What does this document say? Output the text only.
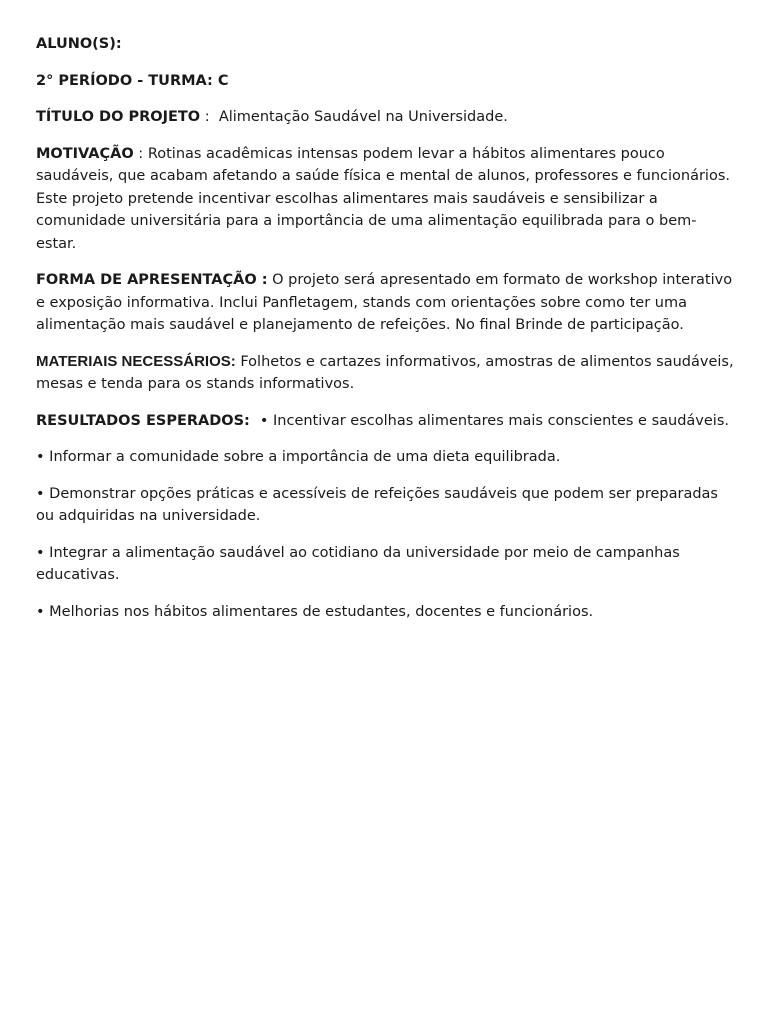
ALUNO(S):

2° PERÍODO - TURMA: C

TÍTULO DO PROJETO :  Alimentação Saudável na Universidade.

MOTIVAÇÃO : Rotinas acadêmicas intensas podem levar a hábitos alimentares pouco saudáveis, que acabam afetando a saúde física e mental de alunos, professores e funcionários. Este projeto pretende incentivar escolhas alimentares mais saudáveis e sensibilizar a comunidade universitária para a importância de uma alimentação equilibrada para o bem-estar.

FORMA DE APRESENTAÇÃO : O projeto será apresentado em formato de workshop interativo e exposição informativa. Inclui Panfletagem, stands com orientações sobre como ter uma alimentação mais saudável e planejamento de refeições. No final Brinde de participação.

MATERIAIS NECESSÁRIOS: Folhetos e cartazes informativos, amostras de alimentos saudáveis, mesas e tenda para os stands informativos.

RESULTADOS ESPERADOS: • Incentivar escolhas alimentares mais conscientes e saudáveis.

• Informar a comunidade sobre a importância de uma dieta equilibrada.

• Demonstrar opções práticas e acessíveis de refeições saudáveis que podem ser preparadas ou adquiridas na universidade.

• Integrar a alimentação saudável ao cotidiano da universidade por meio de campanhas educativas.

• Melhorias nos hábitos alimentares de estudantes, docentes e funcionários.
